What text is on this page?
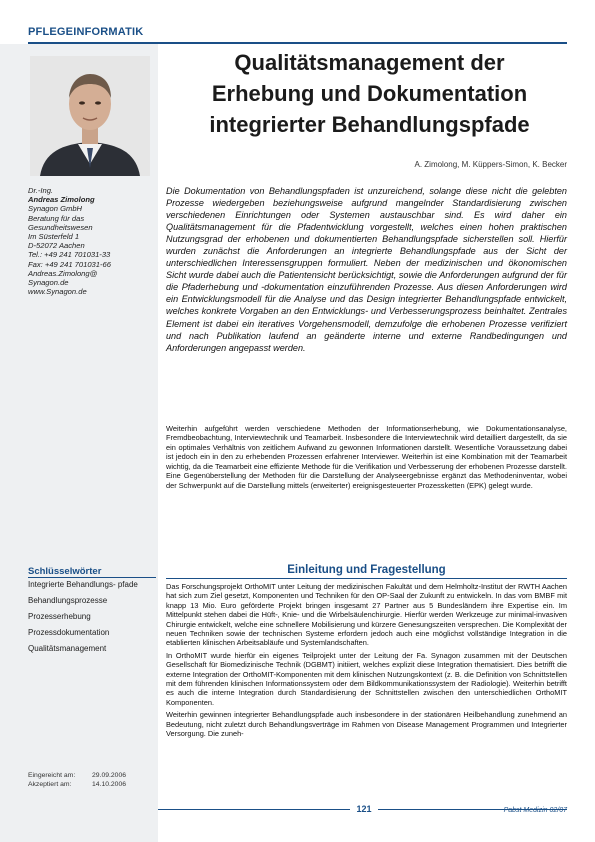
PFLEGEINFORMATIK
Qualitätsmanagement der
Erhebung und Dokumentation
integrierter Behandlungspfade
A. Zimolong, M. Küppers-Simon, K. Becker
Dr.-Ing.
Andreas Zimolong
Synagon GmbH
Beratung für das
Gesundheitswesen
Im Süsterfeld 1
D-52072 Aachen
Tel.: +49 241 701031-33
Fax: +49 241 701031-66
Andreas.Zimolong@
Synagon.de
www.Synagon.de
Die Dokumentation von Behandlungspfaden ist unzureichend, solange diese nicht die gelebten Prozesse wiedergeben beziehungsweise aufgrund mangelnder Standardisierung zwischen verschiedenen Einrichtungen oder Systemen austauschbar sind. Es wird daher ein Qualitätsmanagement für die Pfadentwicklung vorgestellt, welches einen hohen praktischen Nutzungsgrad der erhobenen und dokumentierten Behandlungspfade sicherstellen soll. Hierfür wurden zunächst die Anforderungen an integrierte Behandlungspfade aus der Sicht der unterschiedlichen Interessensgruppen formuliert. Neben der medizinischen und ökonomischen Sicht wurde dabei auch die Patientensicht berücksichtigt, sowie die Anforderungen aufgrund der für die Pfaderhebung und -dokumentation einzuführenden Prozesse. Aus diesen Anforderungen wird ein Entwicklungsmodell für die Analyse und das Design integrierter Behandlungspfade entwickelt, welches konkrete Vorgaben an den Entwicklungs- und Verbesserungsprozess beinhaltet. Zentrales Element ist dabei ein iteratives Vorgehensmodell, demzufolge die erhobenen Prozesse verifiziert und nach Publikation laufend an geänderte interne und externe Randbedingungen und Anforderungen angepasst werden.
Weiterhin aufgeführt werden verschiedene Methoden der Informationserhebung, wie Dokumentationsanalyse, Fremdbeobachtung, Interviewtechnik und Teamarbeit. Insbesondere die Interviewtechnik wird detailliert dargestellt, da sie ein optimales Verhältnis von zeitlichem Aufwand zu gewonnen Informationen darstellt. Wesentliche Voraussetzung dabei ist jedoch ein in den zu erhebenden Prozessen erfahrener Interviewer. Weiterhin ist eine Kombination mit der Teamarbeit wichtig, da die Teamarbeit eine effiziente Methode für die Verifikation und Verbesserung der erhobenen Prozesse darstellt. Eine Gegenüberstellung der Methoden für die Darstellung der Analyseergebnisse ergänzt das Methodeninventar, wobei der Schwerpunkt auf die Darstellung mittels (erweiterter) ereignisgesteuerter Prozessketten (EPK) gelegt wurde.
Schlüsselwörter
Integrierte Behandlungs- pfade
Behandlungsprozesse
Prozesserhebung
Prozessdokumentation
Qualitätsmanagement
Einleitung und Fragestellung

Das Forschungsprojekt OrthoMIT unter Leitung der medizinischen Fakultät und dem Helmholtz-Institut der RWTH Aachen hat sich zum Ziel gesetzt, Komponenten und Techniken für den OP-Saal der Zukunft zu entwickeln. In das vom BMBF mit knapp 13 Mio. Euro geförderte Projekt bringen insgesamt 27 Partner aus 5 Bundesländern ihre Expertise ein. Im Mittelpunkt stehen dabei die Hüft-, Knie- und die Wirbelsäulenchirurgie. Hierfür werden Werkzeuge zur minimal-invasiven Chirurgie entwickelt, welche eine schnellere Mobilisierung und kürzere Genesungszeiten versprechen. Die Komplexität der neuen Techniken sowie der technischen Systeme erfordern jedoch auch eine möglichst vollständige Integration in die etablierten klinischen Arbeitsabläufe und Systemlandschaften.

In OrthoMIT wurde hierfür ein eigenes Teilprojekt unter der Leitung der Fa. Synagon zusammen mit der Deutschen Gesellschaft für Biomedizinische Technik (DGBMT) initiiert, welches explizit diese Integration thematisiert. Dies betrifft die externe Integration der OrthoMIT-Komponenten mit dem klinischen Nutzungskontext (z. B. die Definition von Schnittstellen mit dem führenden klinischen Informationssystem oder dem Bildkommunikationssystem der Radiologie). Weiterhin betrifft es auch die interne Integration durch Standardisierung der Schnittstellen zwischen den unterschiedlichen OrthoMIT Komponenten.

Weiterhin gewinnen integrierter Behandlungspfade auch insbesondere in der stationären Heilbehandlung zunehmend an Bedeutung, nicht zuletzt durch Behandlungsverträge im Rahmen von Disease Management Programmen und Integrierter Versorgung. Die zuneh-

Eingereicht am:	29.09.2006
Akzeptiert am:	14.10.2006
121	Pabst Medizin 02/07
